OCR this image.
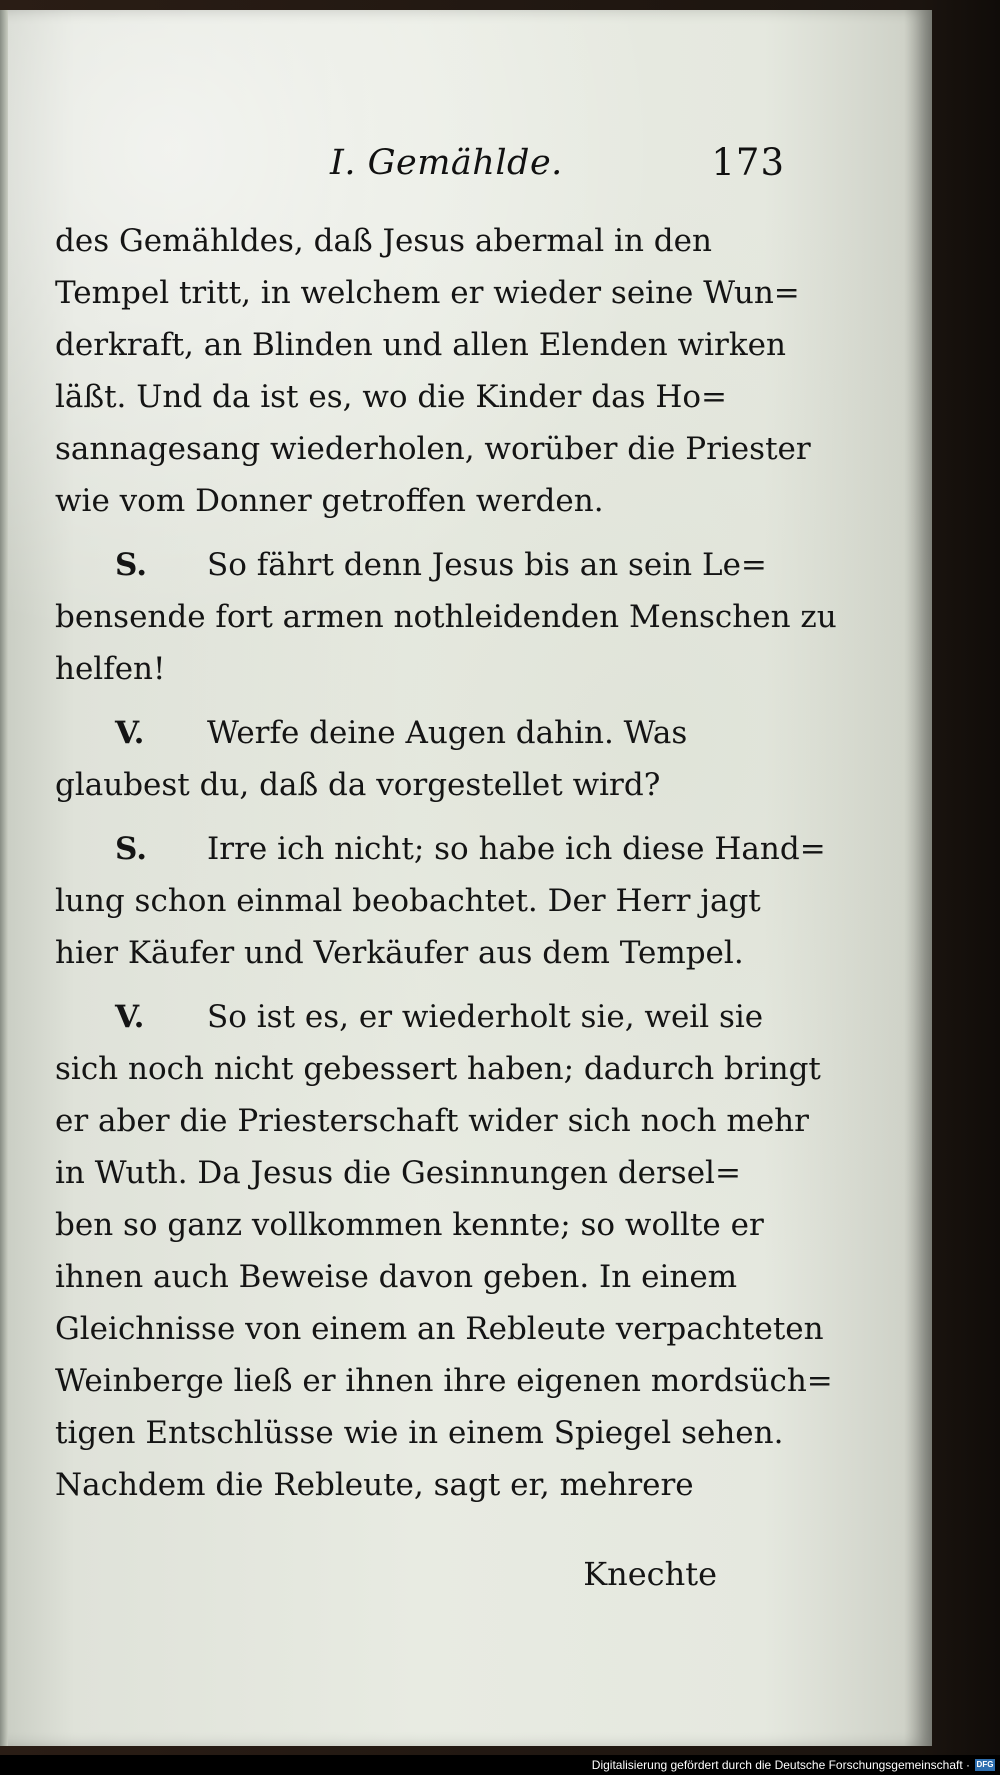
I. Gemählde.	173
des Gemähldes, daß Jesus abermal in den
Tempel tritt, in welchem er wieder seine Wun=
derkraft, an Blinden und allen Elenden wirken
läßt. Und da ist es, wo die Kinder das Ho=
sannagesang wiederholen, worüber die Priester
wie vom Donner getroffen werden.
S. So fährt denn Jesus bis an sein Le=
bensende fort armen nothleidenden Menschen zu
helfen!
V. Werfe deine Augen dahin. Was
glaubest du, daß da vorgestellet wird?
S. Irre ich nicht; so habe ich diese Hand=
lung schon einmal beobachtet. Der Herr jagt
hier Käufer und Verkäufer aus dem Tempel.
V. So ist es, er wiederholt sie, weil sie
sich noch nicht gebessert haben; dadurch bringt
er aber die Priesterschaft wider sich noch mehr
in Wuth. Da Jesus die Gesinnungen dersel=
ben so ganz vollkommen kennte; so wollte er
ihnen auch Beweise davon geben. In einem
Gleichnisse von einem an Rebleute verpachteten
Weinberge ließ er ihnen ihre eigenen mordsüch=
tigen Entschlüsse wie in einem Spiegel sehen.
Nachdem die Rebleute, sagt er, mehrere
Knechte
Digitalisierung gefördert durch die Deutsche Forschungsgemeinschaft · DFG
